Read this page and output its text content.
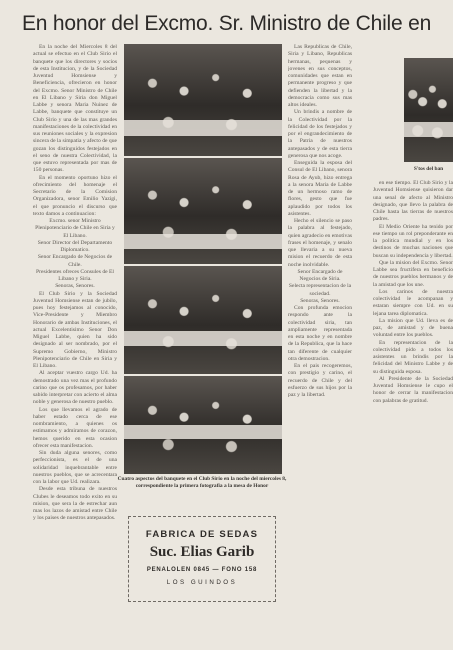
En honor del Excmo. Sr. Ministro de Chile en

En la noche del Miercoles 8 del actual se efectuo en el Club Sirio el banquete que los directores y socios de esta Institucion, y de la Sociedad Juventud Homsiense y Beneficiencia, ofrecieron en honor del Excmo. Senor Ministro de Chile en El Libano y Siria don Miguel Labbe y senora Maria Nuinez de Labbe, banquete que constituye un Club Sirio y una de las mas grandes manifestaciones de la colectividad en sus reuniones sociales y la expresion sincera de la simpatia y afecto de que gozan los distinguidos festejados en el seno de nuestra Colectividad, la que estuvo representada por mas de 150 personas.

En el momento oportuno hizo el ofrecimiento del homenaje el Secretario de la Comision Organizadora, senor Emilio Yazigi, el que pronuncio el discurso que texto damos a continuacion:

Excmo. senor Ministro Plenipotenciario de Chile en Siria y El Libano.

Senor Director del Departamento Diplomatico.

Senor Encargado de Negocios de Chile.

Presidentes ofreces Consules de El Libano y Siria.

Senoras, Senores.

El Club Sirio y la Sociedad Juventud Homsiense estan de jubilo, pues hoy festejamos al conocido, Vice-Presidente y Miembro Honorario de ambas Instituciones, el actual Excelentisimo Senor Don Miguel Labbe, quien ha sido designado al ser nombrado, por el Supremo Gobierno, Ministro Plenipotenciario de Chile en Siria y El Libano.

Al aceptar vuestro cargo Ud. ha demostrado una vez mas el profundo carino que os profesamos, por haber sabido interpretar con acierto el alma noble y generosa de nuestro pueblo.

Los que llevamos el agrado de haber estado cerca de ese nombramiento, a quienes os estimamos y admiramos de corazon, hemos querido en esta ocasion ofrecer esta manifestacion.

Sin duda alguna senores, como perfeccionista, es el de una solidaridad inquebrantable entre nuestros pueblos, que se acrecentara con la labor que Ud. realizara.

Desde esta tribuna de nuestros Clubes le deseamos todo exito en su mision, que sera la de estrechar aun mas los lazos de amistad entre Chile y los paises de nuestros antepasados.

Cuatro aspectos del banquete en el Club Sirio en la noche del miercoles 8, correspondiente la primera fotografia a la mesa de Honor
FABRICA DE SEDAS
Suc. Elias Garib
PENALOLEN 0845 — FONO 158
LOS GUINDOS

Las Republicas de Chile, Siria y Libano, Republicas hermanas, pequenas y jovenes en sus conceptos, comunidades que estan en permanente progreso y que defienden la libertad y la democracia como sus mas altos ideales.

Un brindis a nombre de la Colectividad por la felicidad de los festejados y por el engrandecimiento de la Patria de nuestros antepasados y de esta tierra generosa que nos acoge.

Enseguida la esposa del Consul de El Libano, senora Rosa de Ayub, hizo entrega a la senora Maria de Labbe de un hermoso ramo de flores, gesto que fue aplaudido por todos los asistentes.

Hecho el silencio se paso la palabra al festejado, quien agradecio en emotivas frases el homenaje, y senalo que llevaria a su nueva mision el recuerdo de esta noche inolvidable.

Senor Encargado de Negocios de Siria.

Selecta representacion de la sociedad.

Senoras, Senores.

Con profunda emocion respondo ante la colectividad siria, tan ampliamente representada en esta noche y en nombre de la Republica, que la hace tan diferente de cualquier otra demostracion.

En el pais recogeremos, con prestigio y carino, el recuerdo de Chile y del esfuerzo de sus hijos por la paz y la libertad.

S'tos del ban

en ese tiempo. El Club Sirio y la Juventud Homsiense quisieron dar una senal de afecto al Ministro designado, que llevo la palabra de Chile hasta las tierras de nuestros padres.

El Medio Oriente ha tenido por ese tiempo un rol preponderante en la politica mundial y en los destinos de muchas naciones que buscan su independencia y libertad.

Que la mision del Excmo. Senor Labbe sea fructifera en beneficio de nuestros pueblos hermanos y de la amistad que los une.

Los carinos de nuestra colectividad le acompanan y estaran siempre con Ud. en su lejana tarea diplomatica.

La mision que Ud. lleva es de paz, de amistad y de buena voluntad entre los pueblos.

En representacion de la colectividad pido a todos los asistentes un brindis por la felicidad del Ministro Labbe y de su distinguida esposa.

Al Presidente de la Sociedad Juventud Homsiense le cupo el honor de cerrar la manifestacion con palabras de gratitud.
